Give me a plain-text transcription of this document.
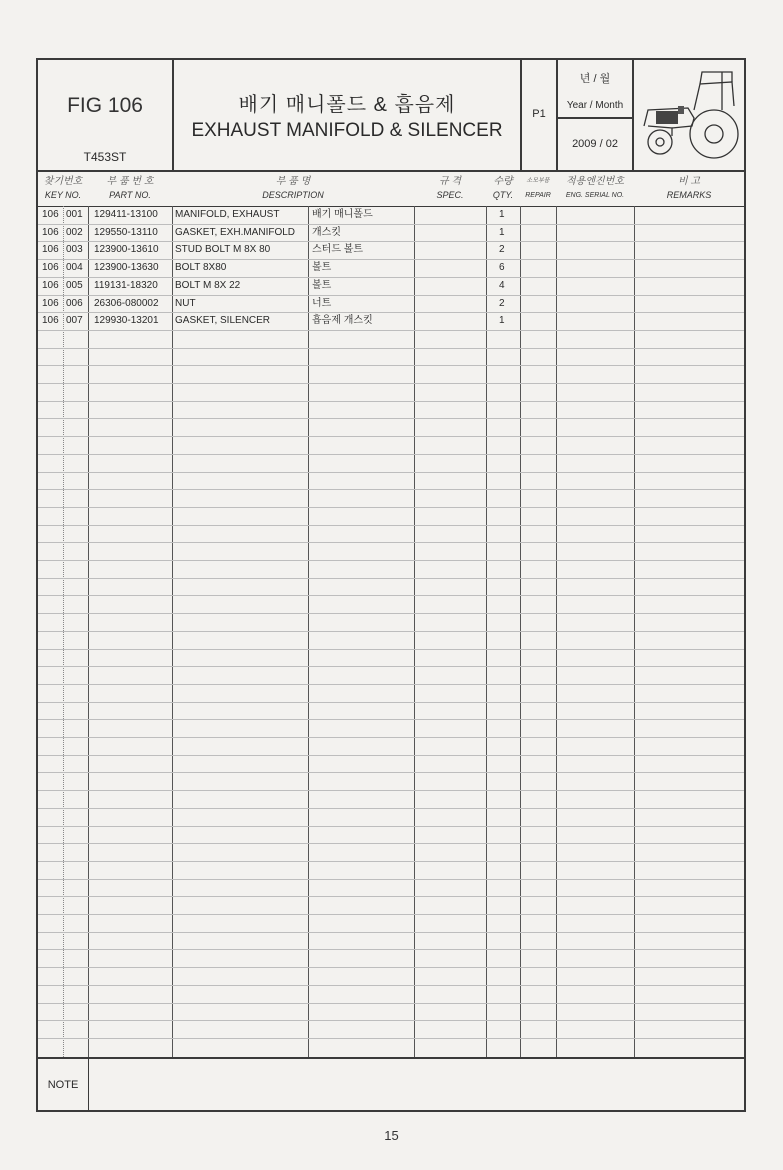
FIG 106
T453ST
배기 매니폴드 & 흡음제
EXHAUST MANIFOLD & SILENCER
P1
년 / 월
Year / Month
2009 / 02
찾기번호
KEY NO.
부 품 번 호
PART NO.
부 품 명
DESCRIPTION
규 격
SPEC.
수량
QTY.
소모부품
REPAIR
적용엔진번호
ENG. SERIAL NO.
비 고
REMARKS
106 001 129411-13100 MANIFOLD, EXHAUST	배기 매니폴드	1
106 002 129550-13110 GASKET, EXH.MANIFOLD 개스킷	1
106 003 123900-13610 STUD BOLT M 8X 80	스터드 볼트	2
106 004 123900-13630 BOLT 8X80	볼트	6
106 005 119131-18320 BOLT M 8X 22	볼트	4
106 006 26306-080002 NUT	너트	2
106 007 129930-13201 GASKET, SILENCER	흡음제 개스킷	1
NOTE
15
